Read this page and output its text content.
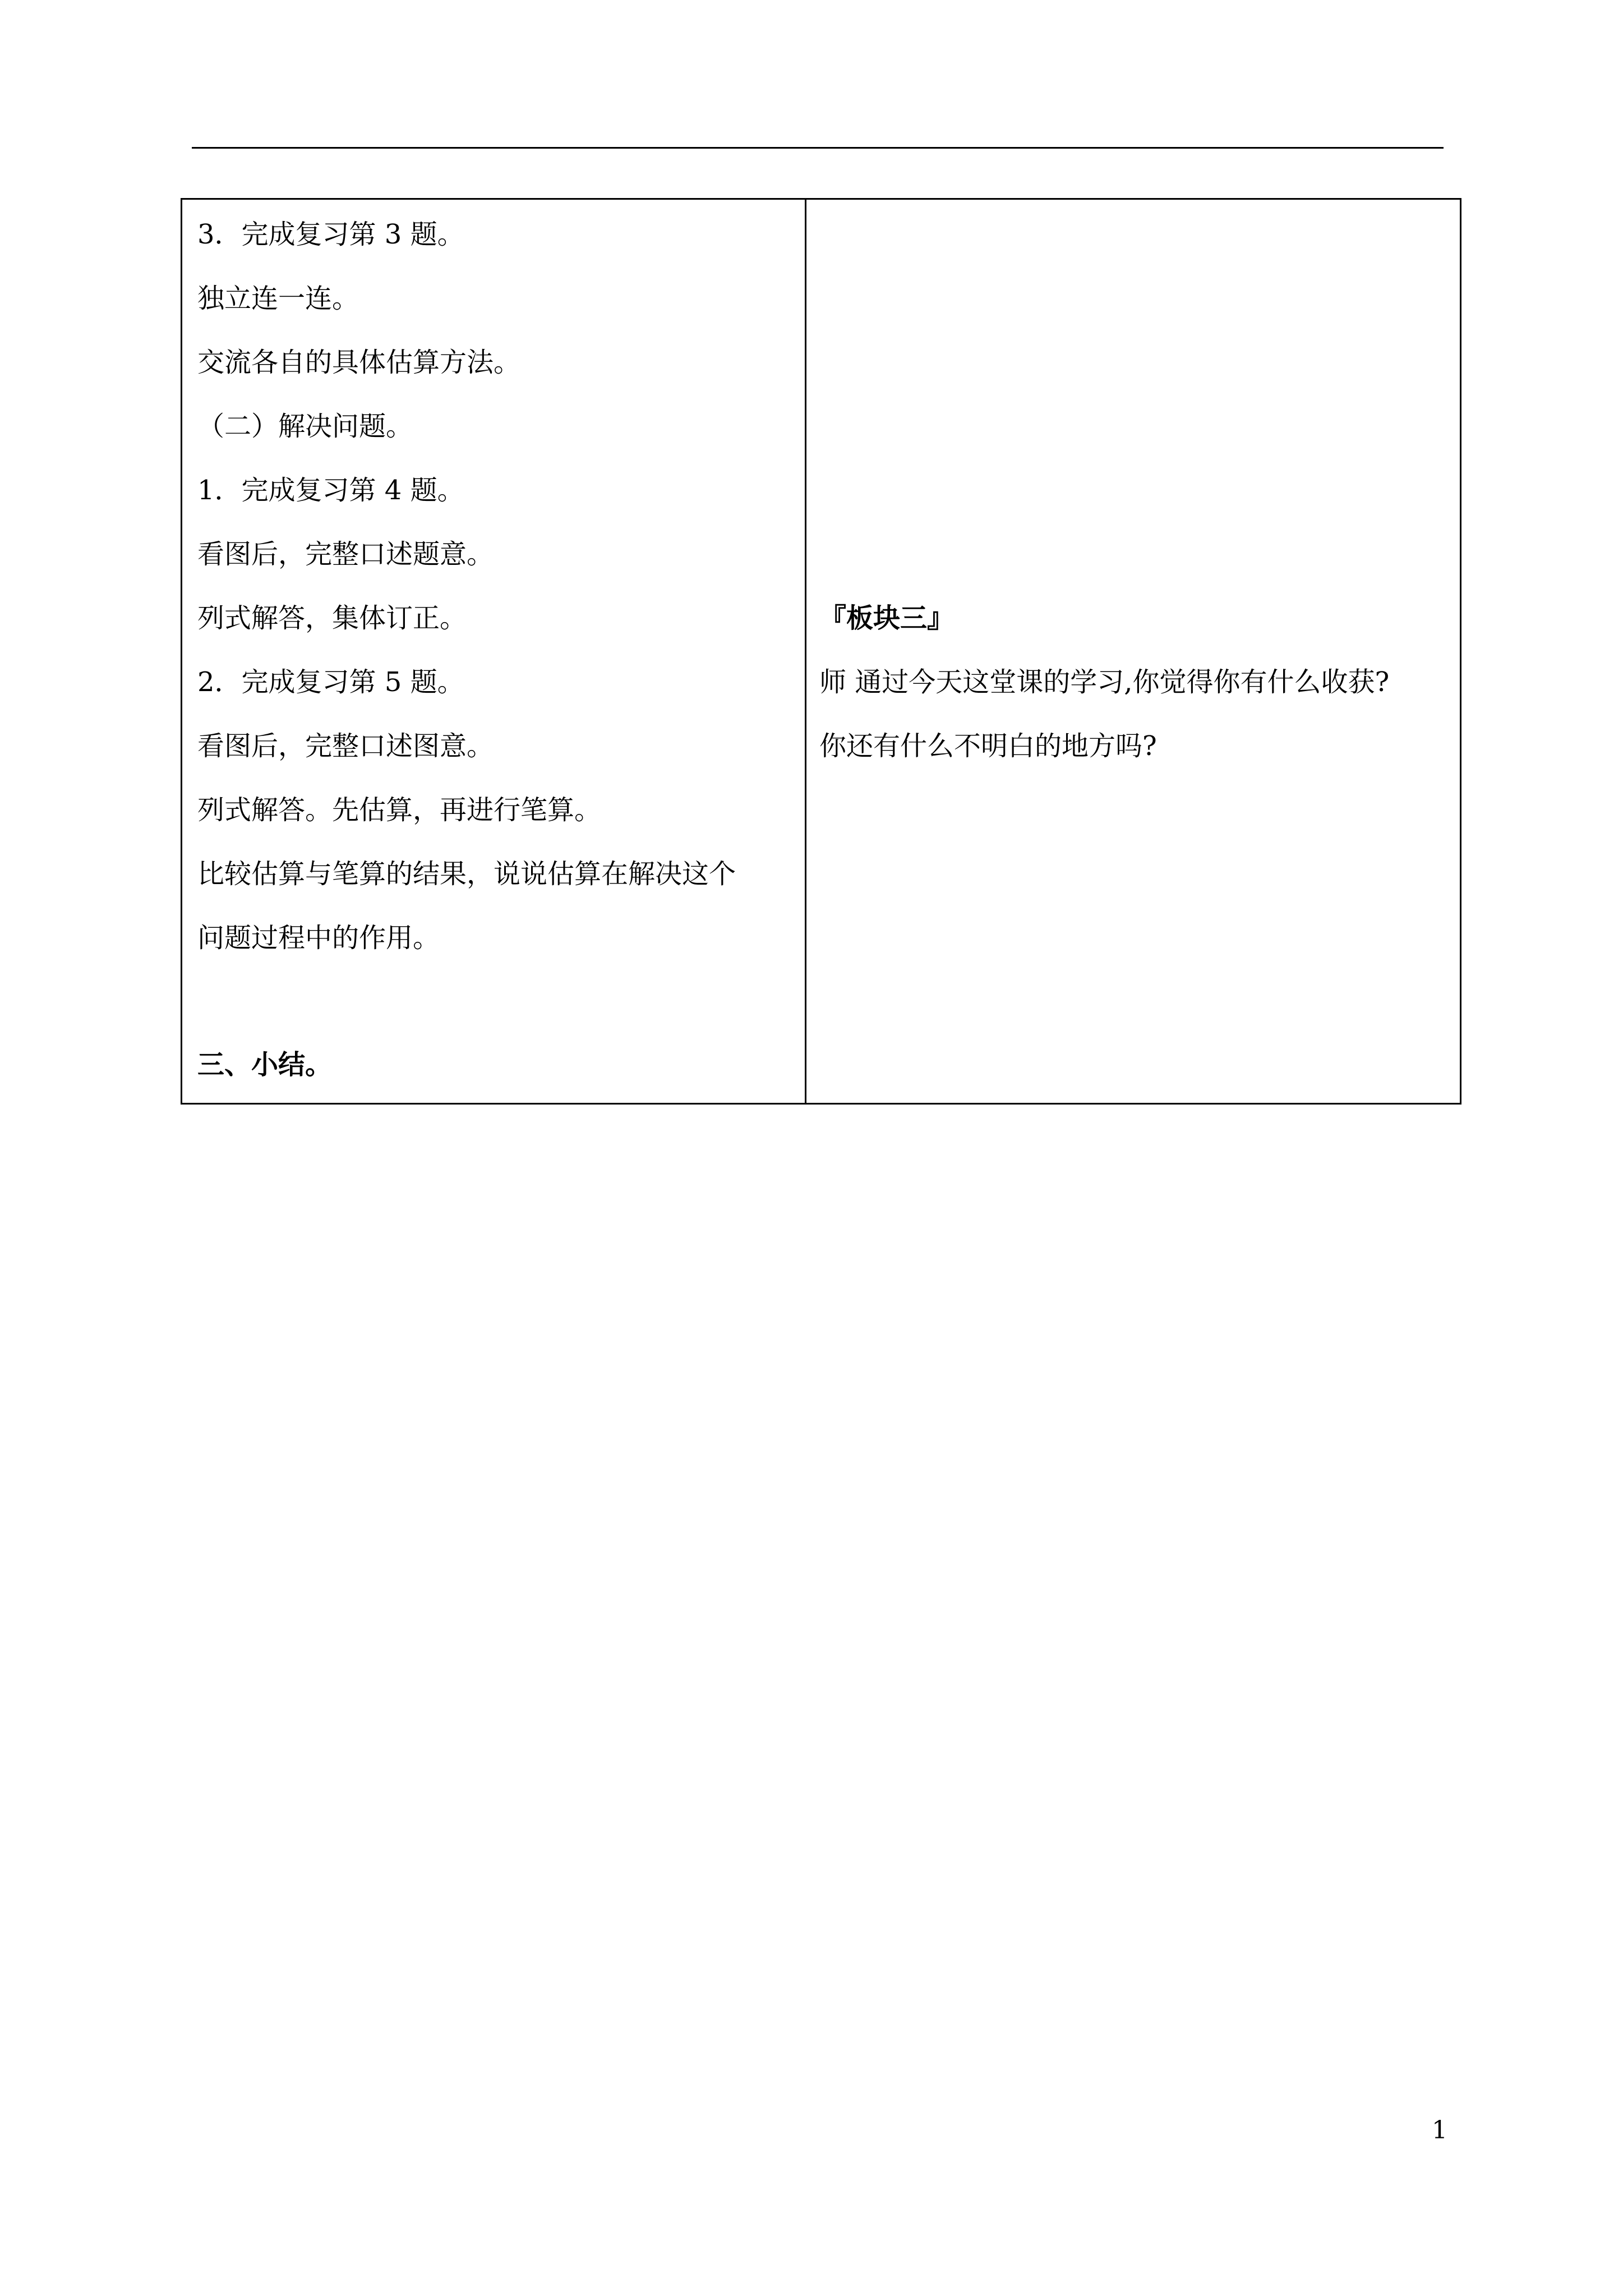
3．完成复习第 3 题。

独立连一连。

交流各自的具体估算方法。

（二）解决问题。

1．完成复习第 4 题。

看图后，完整口述题意。

列式解答，集体订正。

2．完成复习第 5 题。

看图后，完整口述图意。

列式解答。先估算，再进行笔算。

比较估算与笔算的结果，说说估算在解决这个

问题过程中的作用。

三、小结。

『板块三』

师 通过今天这堂课的学习,你觉得你有什么收获?

你还有什么不明白的地方吗?

1
